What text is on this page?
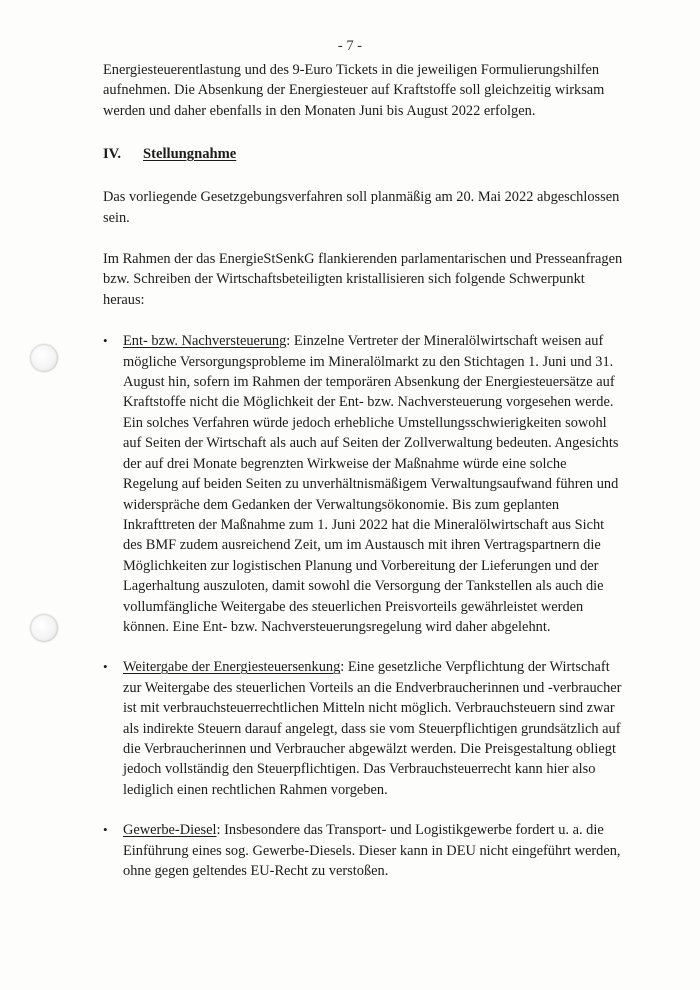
- 7 -

Energiesteuerentlastung und des 9-Euro Tickets in die jeweiligen Formulierungshilfen aufnehmen. Die Absenkung der Energiesteuer auf Kraftstoffe soll gleichzeitig wirksam werden und daher ebenfalls in den Monaten Juni bis August 2022 erfolgen.

IV.	Stellungnahme

Das vorliegende Gesetzgebungsverfahren soll planmäßig am 20. Mai 2022 abgeschlossen sein.

Im Rahmen der das EnergieStSenkG flankierenden parlamentarischen und Presseanfragen bzw. Schreiben der Wirtschaftsbeteiligten kristallisieren sich folgende Schwerpunkt heraus:

•	Ent- bzw. Nachversteuerung: Einzelne Vertreter der Mineralölwirtschaft weisen auf mögliche Versorgungsprobleme im Mineralölmarkt zu den Stichtagen 1. Juni und 31. August hin, sofern im Rahmen der temporären Absenkung der Energiesteuersätze auf Kraftstoffe nicht die Möglichkeit der Ent- bzw. Nachversteuerung vorgesehen werde. Ein solches Verfahren würde jedoch erhebliche Umstellungsschwierigkeiten sowohl auf Seiten der Wirtschaft als auch auf Seiten der Zollverwaltung bedeuten. Angesichts der auf drei Monate begrenzten Wirkweise der Maßnahme würde eine solche Regelung auf beiden Seiten zu unverhältnismäßigem Verwaltungsaufwand führen und widerspräche dem Gedanken der Verwaltungsökonomie. Bis zum geplanten Inkrafttreten der Maßnahme zum 1. Juni 2022 hat die Mineralölwirtschaft aus Sicht des BMF zudem ausreichend Zeit, um im Austausch mit ihren Vertragspartnern die Möglichkeiten zur logistischen Planung und Vorbereitung der Lieferungen und der Lagerhaltung auszuloten, damit sowohl die Versorgung der Tankstellen als auch die vollumfängliche Weitergabe des steuerlichen Preisvorteils gewährleistet werden können. Eine Ent- bzw. Nachversteuerungsregelung wird daher abgelehnt.
•	Weitergabe der Energiesteuersenkung: Eine gesetzliche Verpflichtung der Wirtschaft zur Weitergabe des steuerlichen Vorteils an die Endverbraucherinnen und -verbraucher ist mit verbrauchsteuerrechtlichen Mitteln nicht möglich. Verbrauchsteuern sind zwar als indirekte Steuern darauf angelegt, dass sie vom Steuerpflichtigen grundsätzlich auf die Verbraucherinnen und Verbraucher abgewälzt werden. Die Preisgestaltung obliegt jedoch vollständig den Steuerpflichtigen. Das Verbrauchsteuerrecht kann hier also lediglich einen rechtlichen Rahmen vorgeben.
•	Gewerbe-Diesel: Insbesondere das Transport- und Logistikgewerbe fordert u. a. die Einführung eines sog. Gewerbe-Diesels. Dieser kann in DEU nicht eingeführt werden, ohne gegen geltendes EU-Recht zu verstoßen.
